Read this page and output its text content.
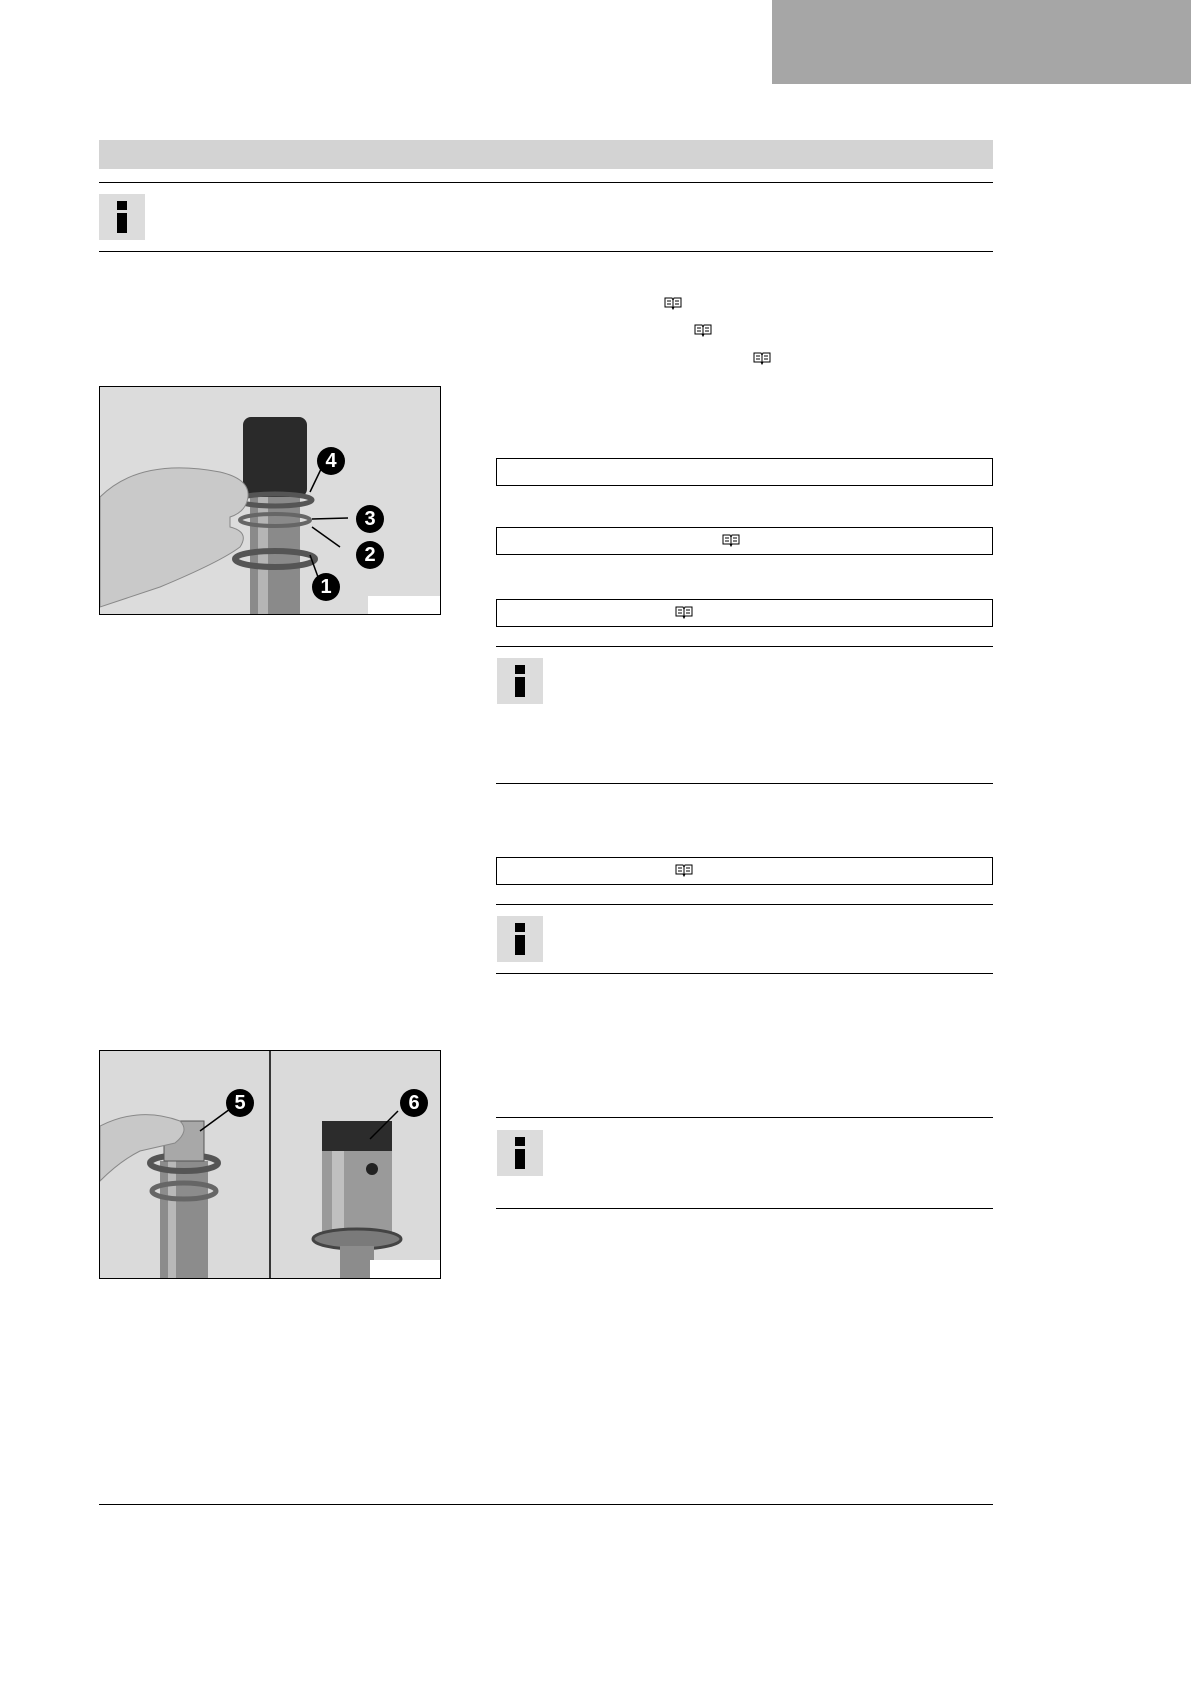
4
3
2
1
5	6
